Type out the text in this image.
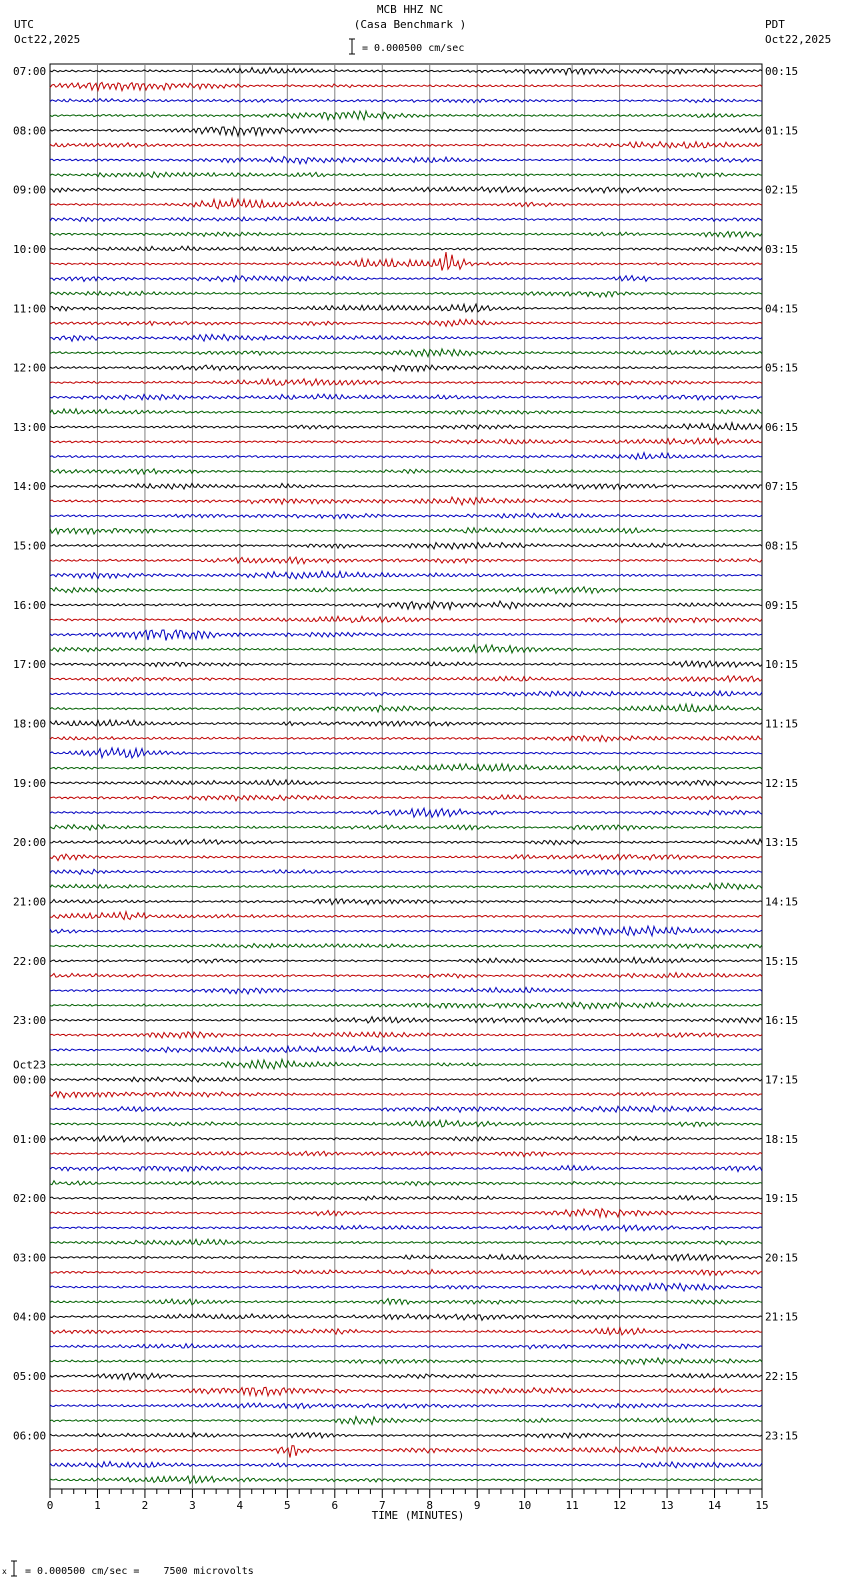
MCB HHZ NC
(Casa Benchmark )
UTC
Oct22,2025
PDT
Oct22,2025
= 0.000500 cm/sec
07:00	00:15
08:00	01:15
09:00	02:15
10:00	03:15
11:00	04:15
12:00	05:15
13:00	06:15
14:00	07:15
15:00	08:15
16:00	09:15
17:00	10:15
18:00	11:15
19:00	12:15
20:00	13:15
21:00	14:15
22:00	15:15
23:00	16:15
00:00	17:15
Oct23
01:00	18:15
02:00	19:15
03:00	20:15
04:00	21:15
05:00	22:15
06:00	23:15
0	1	2	3	4	5	6	7	8	9	10	11	12	13	14	15
TIME (MINUTES)
x = 0.000500 cm/sec =    7500 microvolts
